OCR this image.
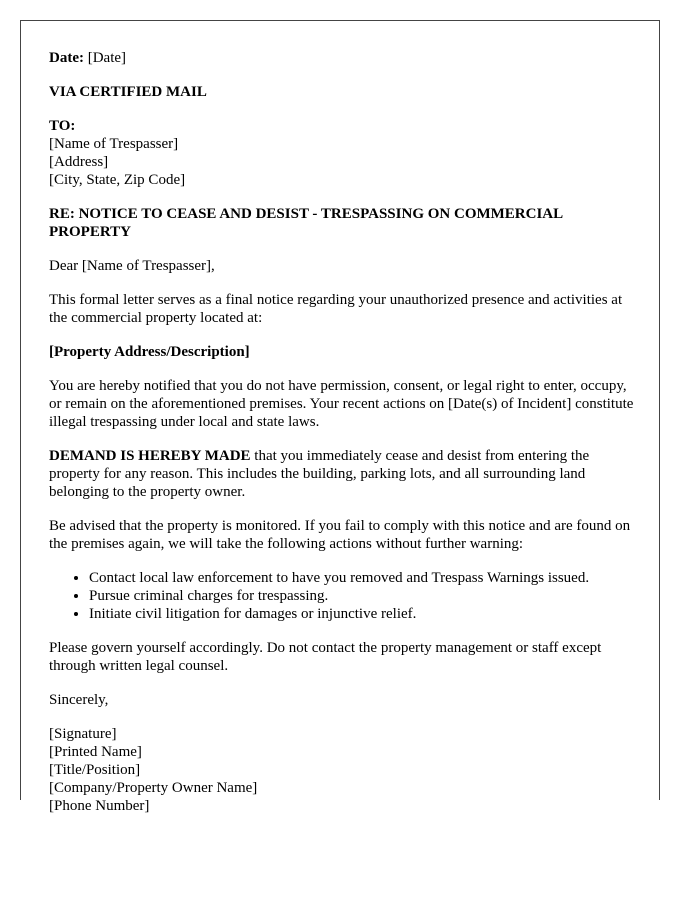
Date: [Date]

VIA CERTIFIED MAIL

TO:
[Name of Trespasser]
[Address]
[City, State, Zip Code]

RE: NOTICE TO CEASE AND DESIST - TRESPASSING ON COMMERCIAL PROPERTY

Dear [Name of Trespasser],

This formal letter serves as a final notice regarding your unauthorized presence and activities at the commercial property located at:

[Property Address/Description]

You are hereby notified that you do not have permission, consent, or legal right to enter, occupy, or remain on the aforementioned premises. Your recent actions on [Date(s) of Incident] constitute illegal trespassing under local and state laws.

DEMAND IS HEREBY MADE that you immediately cease and desist from entering the property for any reason. This includes the building, parking lots, and all surrounding land belonging to the property owner.

Be advised that the property is monitored. If you fail to comply with this notice and are found on the premises again, we will take the following actions without further warning:

• Contact local law enforcement to have you removed and Trespass Warnings issued.
• Pursue criminal charges for trespassing.
• Initiate civil litigation for damages or injunctive relief.

Please govern yourself accordingly. Do not contact the property management or staff except through written legal counsel.

Sincerely,

[Signature]
[Printed Name]
[Title/Position]
[Company/Property Owner Name]
[Phone Number]
